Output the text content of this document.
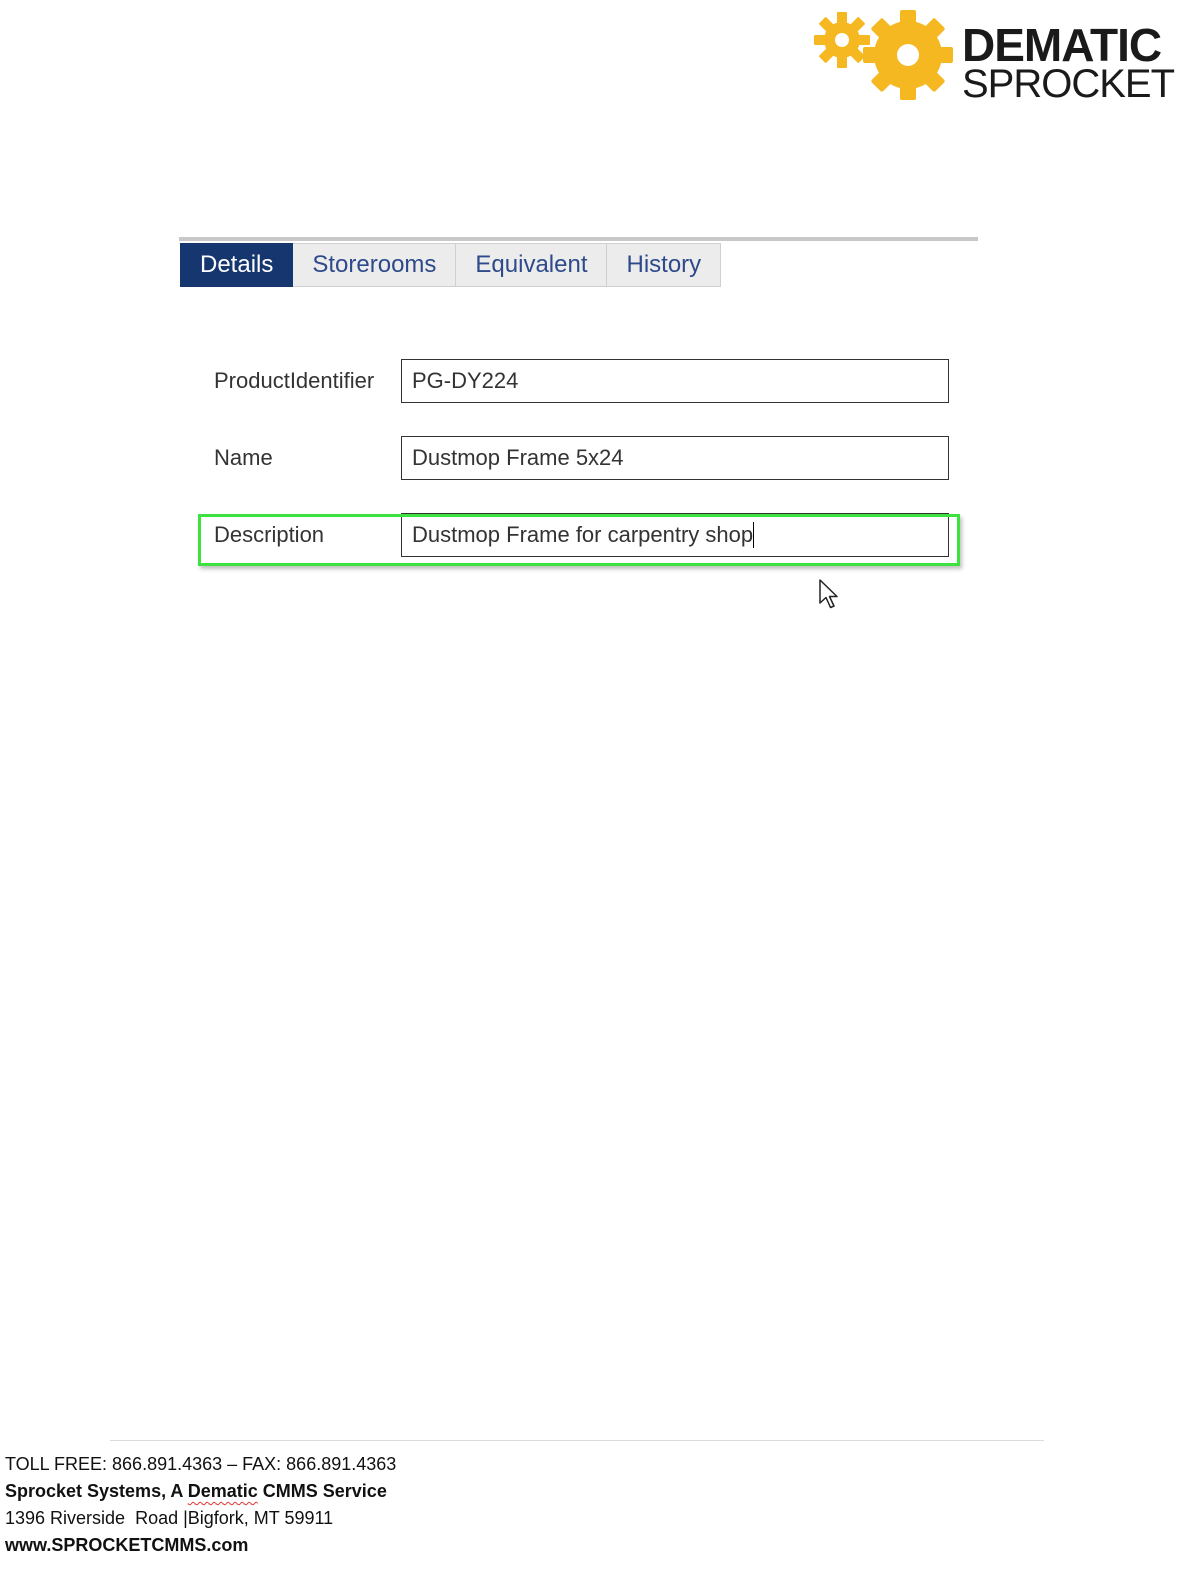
DEMATIC
SPROCKET
Details	Storerooms	Equivalent	History
ProductIdentifier	PG-DY224
Name	Dustmop Frame 5x24
Description	Dustmop Frame for carpentry shop
TOLL FREE: 866.891.4363 – FAX: 866.891.4363
Sprocket Systems, A Dematic CMMS Service
1396 Riverside  Road |Bigfork, MT 59911
www.SPROCKETCMMS.com
